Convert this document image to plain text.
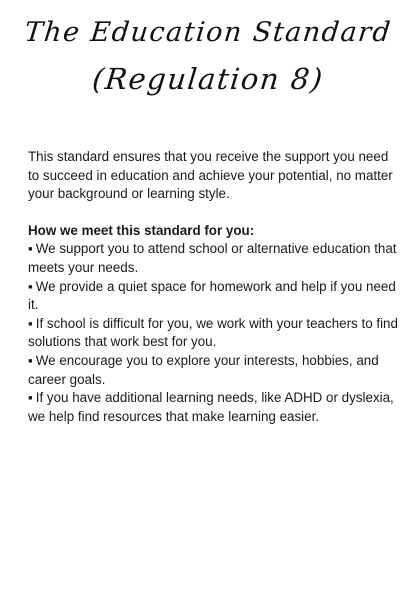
The Education Standard
(Regulation 8)

This standard ensures that you receive the support you need to succeed in education and achieve your potential, no matter your background or learning style.

How we meet this standard for you:

▪ We support you to attend school or alternative education that meets your needs.
▪ We provide a quiet space for homework and help if you need it.
▪ If school is difficult for you, we work with your teachers to find solutions that work best for you.
▪ We encourage you to explore your interests, hobbies, and career goals.
▪ If you have additional learning needs, like ADHD or dyslexia, we help find resources that make learning easier.
